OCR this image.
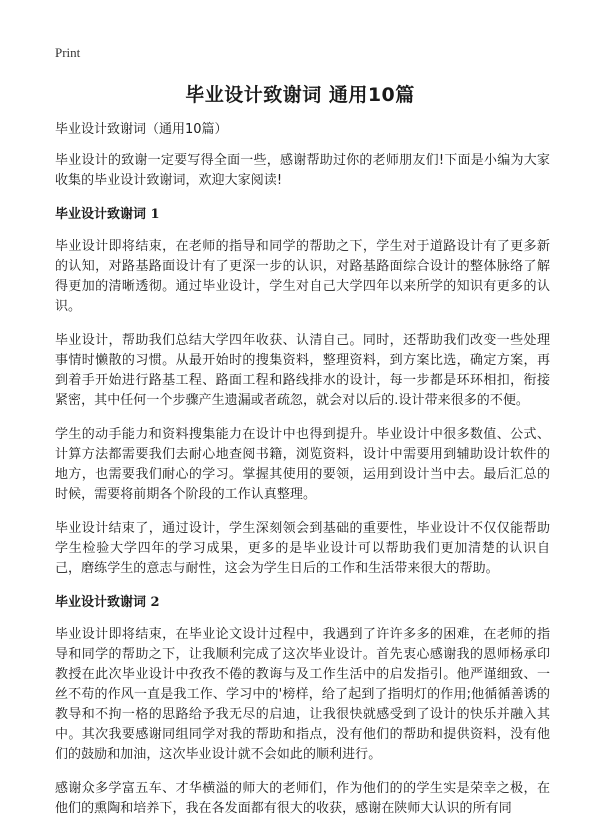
Print
毕业设计致谢词 通用10篇

毕业设计致谢词（通用10篇）

毕业设计的致谢一定要写得全面一些，感谢帮助过你的老师朋友们!下面是小编为大家收集的毕业设计致谢词，欢迎大家阅读!

毕业设计致谢词 1

毕业设计即将结束，在老师的指导和同学的帮助之下，学生对于道路设计有了更多新的认知，对路基路面设计有了更深一步的认识，对路基路面综合设计的整体脉络了解得更加的清晰透彻。通过毕业设计，学生对自己大学四年以来所学的知识有更多的认识。

毕业设计，帮助我们总结大学四年收获、认清自己。同时，还帮助我们改变一些处理事情时懒散的习惯。从最开始时的搜集资料，整理资料，到方案比选，确定方案，再到着手开始进行路基工程、路面工程和路线排水的设计，每一步都是环环相扣，衔接紧密，其中任何一个步骤产生遗漏或者疏忽，就会对以后的.设计带来很多的不便。

学生的动手能力和资料搜集能力在设计中也得到提升。毕业设计中很多数值、公式、计算方法都需要我们去耐心地查阅书籍，浏览资料，设计中需要用到辅助设计软件的地方，也需要我们耐心的学习。掌握其使用的要领，运用到设计当中去。最后汇总的时候，需要将前期各个阶段的工作认真整理。

毕业设计结束了，通过设计，学生深刻领会到基础的重要性，毕业设计不仅仅能帮助学生检验大学四年的学习成果，更多的是毕业设计可以帮助我们更加清楚的认识自己，磨练学生的意志与耐性，这会为学生日后的工作和生活带来很大的帮助。

毕业设计致谢词 2

毕业设计即将结束，在毕业论文设计过程中，我遇到了许许多多的困难，在老师的指导和同学的帮助之下，让我顺利完成了这次毕业设计。首先衷心感谢我的恩师杨承印教授在此次毕业设计中孜孜不倦的教诲与及工作生活中的启发指引。他严谨细致、一丝不苟的作风一直是我工作、学习中的'榜样，给了起到了指明灯的作用;他循循善诱的教导和不拘一格的思路给予我无尽的启迪，让我很快就感受到了设计的快乐并融入其中。其次我要感谢同组同学对我的帮助和指点，没有他们的帮助和提供资料，没有他们的鼓励和加油，这次毕业设计就不会如此的顺利进行。

感谢众多学富五车、才华横溢的师大的老师们，作为他们的的学生实是荣幸之极，在他们的熏陶和培养下，我在各发面都有很大的收获，感谢在陕师大认识的所有同
